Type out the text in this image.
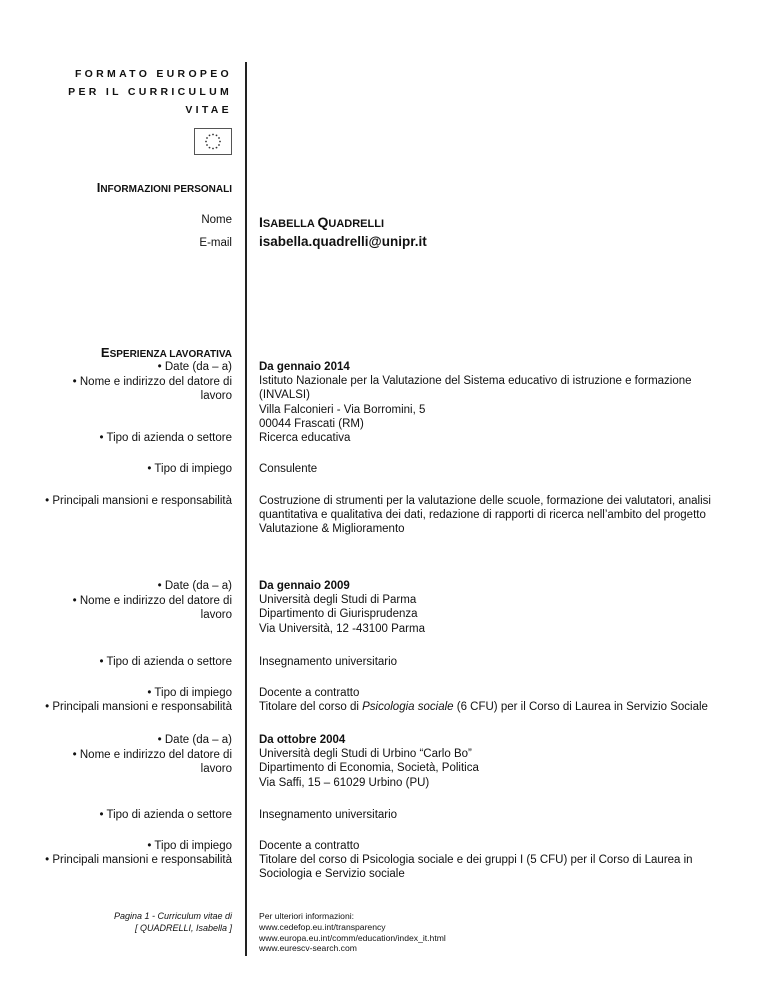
FORMATO EUROPEO
PER IL CURRICULUM
VITAE
INFORMAZIONI PERSONALI
Nome ISABELLA QUADRELLI
E-mail isabella.quadrelli@unipr.it
ESPERIENZA LAVORATIVA
• Date (da – a)
• Nome e indirizzo del datore di
lavoro
Da gennaio 2014
Istituto Nazionale per la Valutazione del Sistema educativo di istruzione e formazione (INVALSI)
Villa Falconieri - Via Borromini, 5
00044 Frascati (RM)
• Tipo di azienda o settore Ricerca educativa
• Tipo di impiego Consulente
• Principali mansioni e responsabilità Costruzione di strumenti per la valutazione delle scuole, formazione dei valutatori, analisi quantitativa e qualitativa dei dati, redazione di rapporti di ricerca nell’ambito del progetto Valutazione & Miglioramento
• Date (da – a)
• Nome e indirizzo del datore di
lavoro
Da gennaio 2009
Università degli Studi di Parma
Dipartimento di Giurisprudenza
Via Università, 12 -43100 Parma
• Tipo di azienda o settore Insegnamento universitario
• Tipo di impiego
• Principali mansioni e responsabilità
Docente a contratto
Titolare del corso di Psicologia sociale (6 CFU) per il Corso di Laurea in Servizio Sociale
• Date (da – a)
• Nome e indirizzo del datore di
lavoro
Da ottobre 2004
Università degli Studi di Urbino “Carlo Bo”
Dipartimento di Economia, Società, Politica
Via Saffi, 15 – 61029 Urbino (PU)
• Tipo di azienda o settore Insegnamento universitario
• Tipo di impiego
• Principali mansioni e responsabilità
Docente a contratto
Titolare del corso di Psicologia sociale e dei gruppi I (5 CFU) per il Corso di Laurea in Sociologia e Servizio sociale
Pagina 1 - Curriculum vitae di
[ QUADRELLI, Isabella ]
Per ulteriori informazioni:
www.cedefop.eu.int/transparency
www.europa.eu.int/comm/education/index_it.html
www.eurescv-search.com
